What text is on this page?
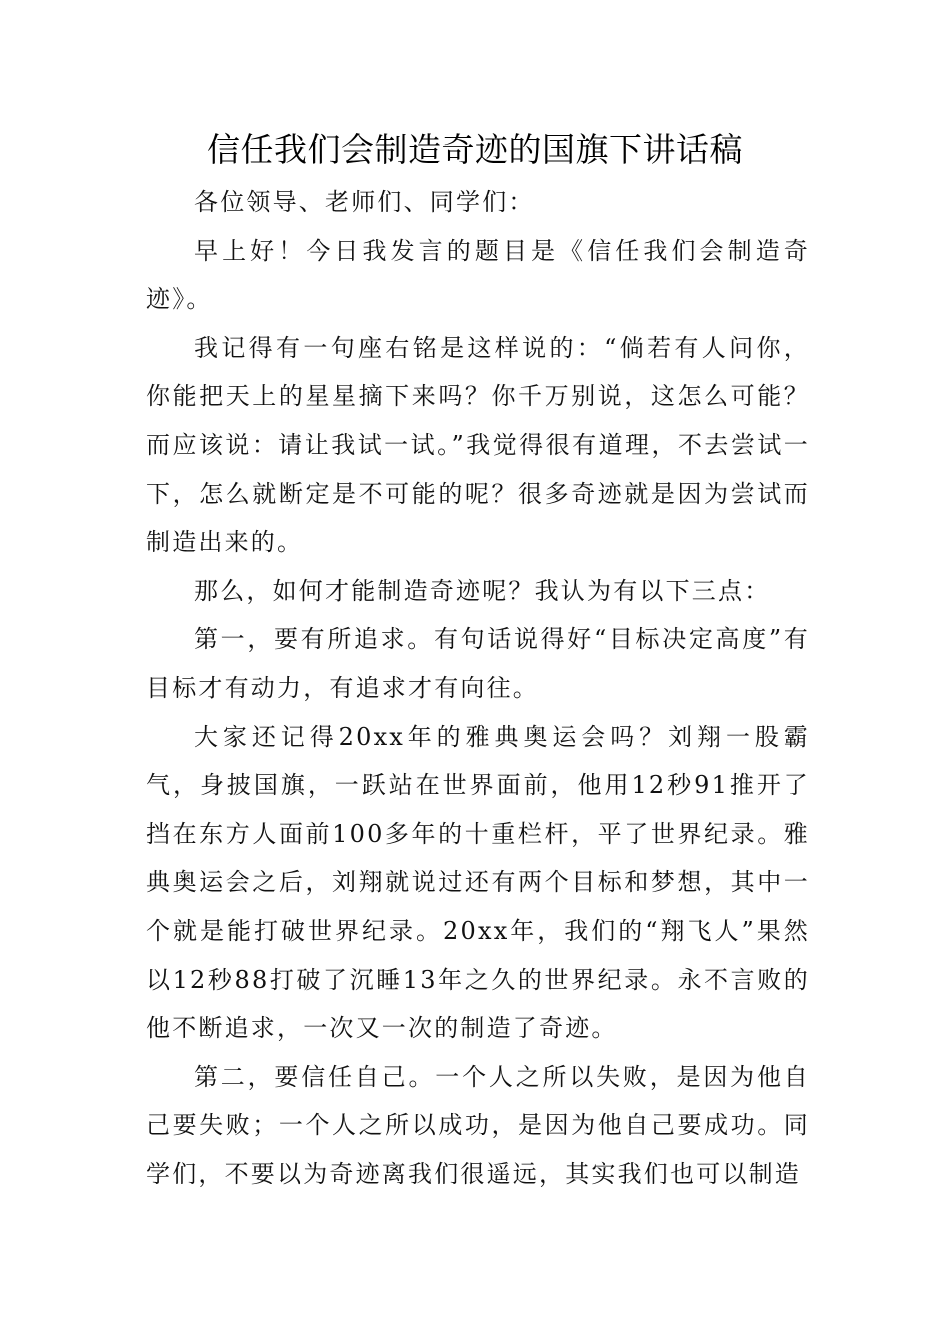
信任我们会制造奇迹的国旗下讲话稿

各位领导、老师们、同学们：

早上好！今日我发言的题目是《信任我们会制造奇迹》。

我记得有一句座右铭是这样说的：“倘若有人问你，你能把天上的星星摘下来吗？你千万别说，这怎么可能？而应该说：请让我试一试。”我觉得很有道理，不去尝试一下，怎么就断定是不可能的呢？很多奇迹就是因为尝试而制造出来的。

那么，如何才能制造奇迹呢？我认为有以下三点：

第一，要有所追求。有句话说得好“目标决定高度”有目标才有动力，有追求才有向往。

大家还记得20xx年的雅典奥运会吗？刘翔一股霸气，身披国旗，一跃站在世界面前，他用12秒91推开了挡在东方人面前100多年的十重栏杆，平了世界纪录。雅典奥运会之后，刘翔就说过还有两个目标和梦想，其中一个就是能打破世界纪录。20xx年，我们的“翔飞人”果然以12秒88打破了沉睡13年之久的世界纪录。永不言败的他不断追求，一次又一次的制造了奇迹。

第二，要信任自己。一个人之所以失败，是因为他自己要失败；一个人之所以成功，是因为他自己要成功。同学们，不要以为奇迹离我们很遥远，其实我们也可以制造
